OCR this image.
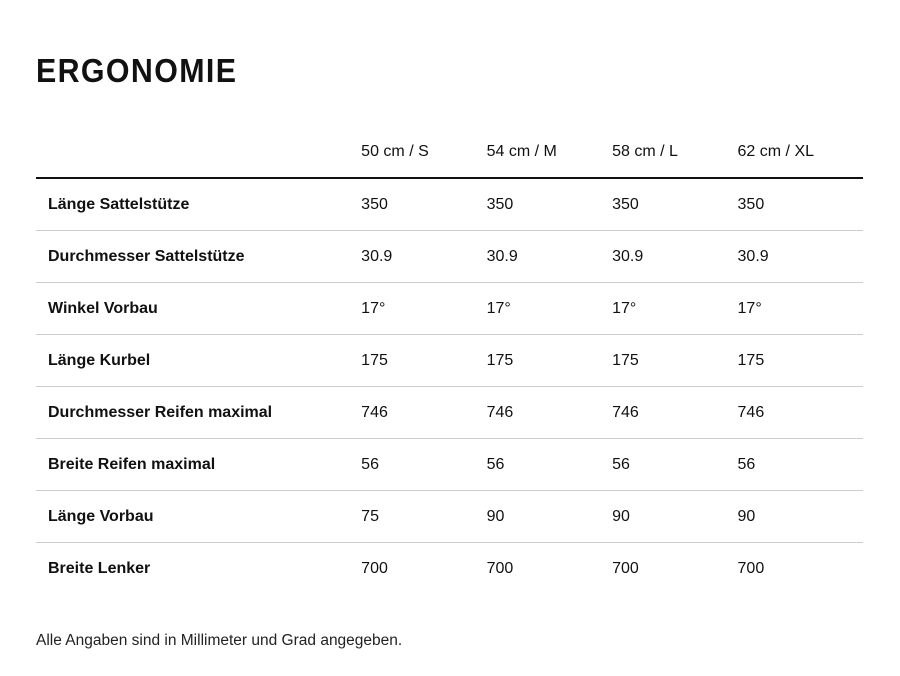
ERGONOMIE
	50 cm / S	54 cm / M	58 cm / L	62 cm / XL
Länge Sattelstütze	350	350	350	350
Durchmesser Sattelstütze	30.9	30.9	30.9	30.9
Winkel Vorbau	17°	17°	17°	17°
Länge Kurbel	175	175	175	175
Durchmesser Reifen maximal	746	746	746	746
Breite Reifen maximal	56	56	56	56
Länge Vorbau	75	90	90	90
Breite Lenker	700	700	700	700

Alle Angaben sind in Millimeter und Grad angegeben.
